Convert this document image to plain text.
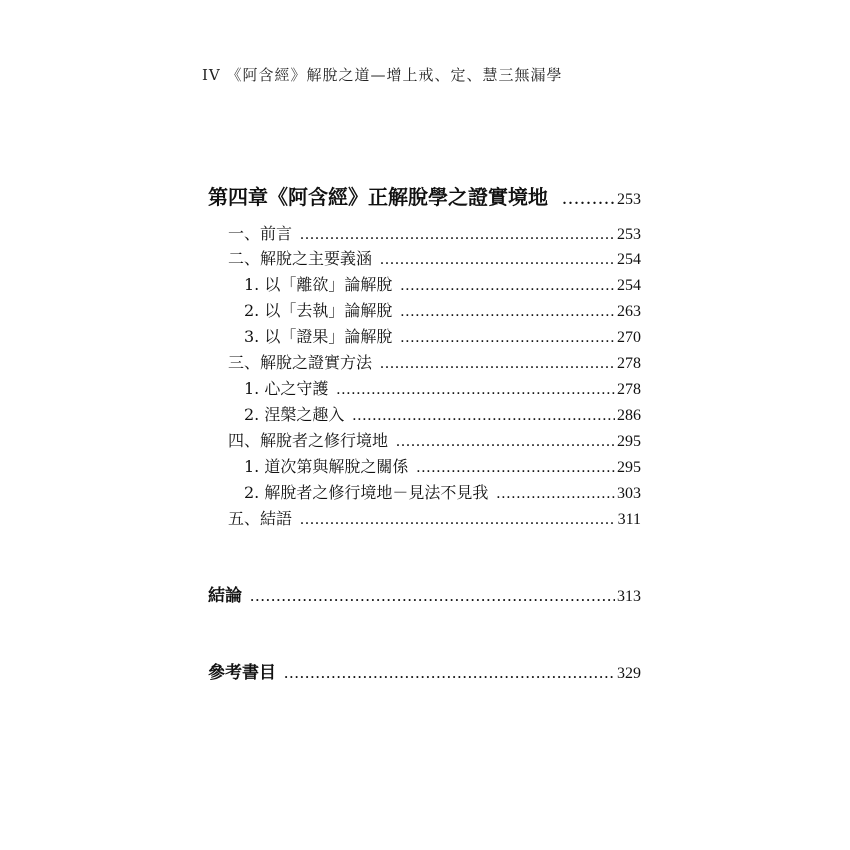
IV 《阿含經》解脫之道—增上戒、定、慧三無漏學
第四章《阿含經》正解脫學之證實境地 .....	253
一、前言 .....	253
二、解脫之主要義涵 .....	254
1. 以「離欲」論解脫 .....	254
2. 以「去執」論解脫 .....	263
3. 以「證果」論解脫 .....	270
三、解脫之證實方法 .....	278
1. 心之守護 .....	278
2. 涅槃之趣入 .....	286
四、解脫者之修行境地 .....	295
1. 道次第與解脫之關係 .....	295
2. 解脫者之修行境地－見法不見我 .....	303
五、結語 .....	311
結論 .....	313
參考書目 .....	329
